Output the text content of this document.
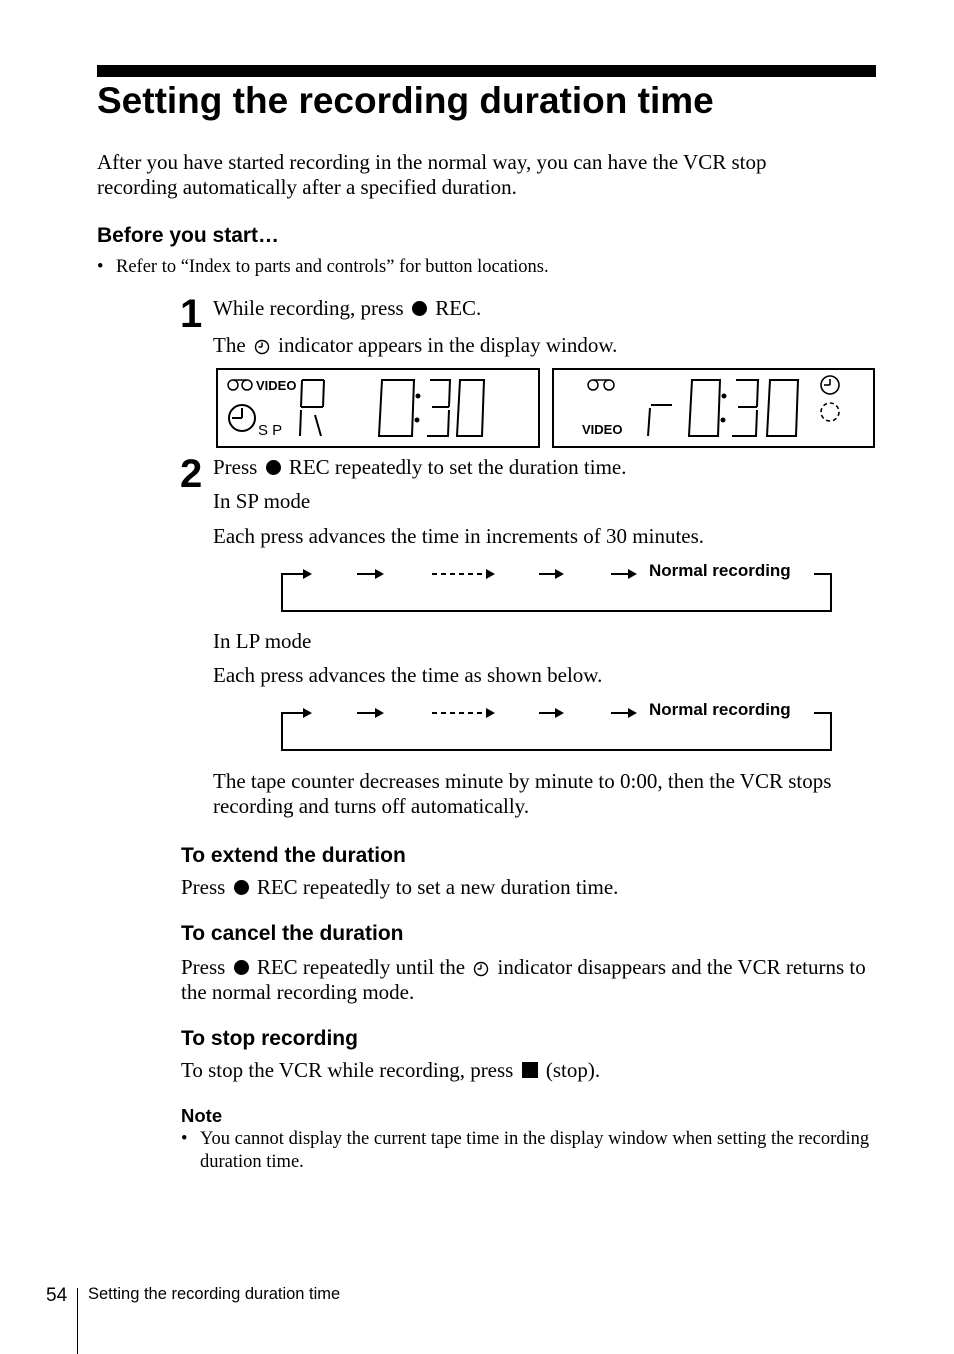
Setting the recording duration time
After you have started recording in the normal way, you can have the VCR stop recording automatically after a specified duration.
Before you start…
• Refer to “Index to parts and controls” for button locations.
1 While recording, press REC.
The indicator appears in the display window.
VIDEO
S P	VIDEO
2 Press REC repeatedly to set the duration time.
In SP mode
Each press advances the time in increments of 30 minutes.
Normal recording
In LP mode
Each press advances the time as shown below.
Normal recording
The tape counter decreases minute by minute to 0:00, then the VCR stops recording and turns off automatically.
To extend the duration
Press REC repeatedly to set a new duration time.
To cancel the duration
Press REC repeatedly until the indicator disappears and the VCR returns to the normal recording mode.
To stop recording
To stop the VCR while recording, press (stop).
Note
• You cannot display the current tape time in the display window when setting the recording duration time.
54 Setting the recording duration time
